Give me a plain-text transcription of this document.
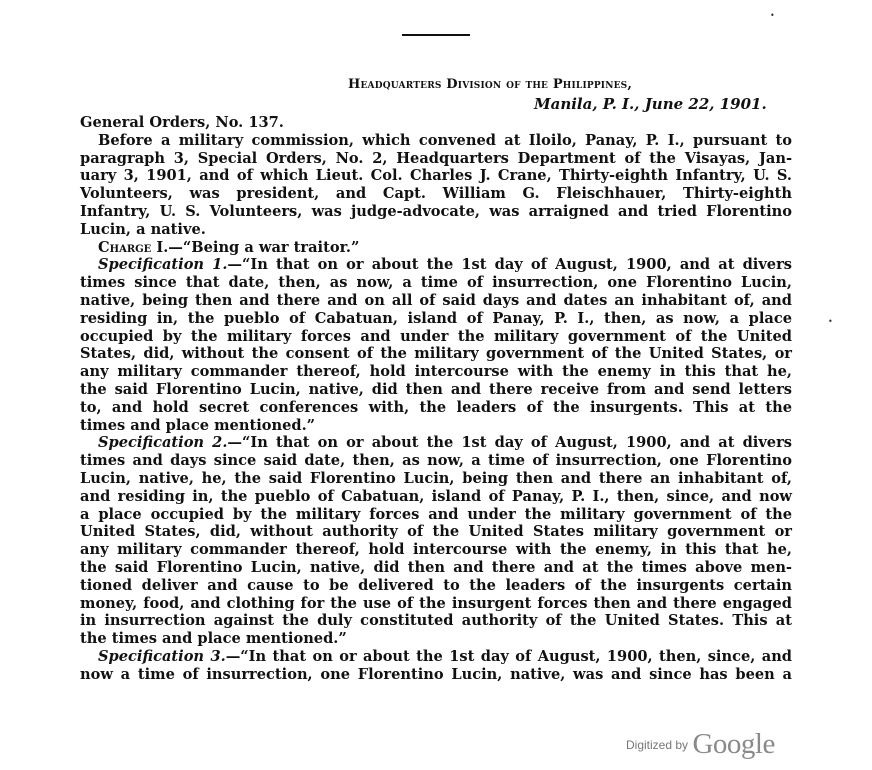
•
•
Headquarters Division of the Philippines,
Manila, P. I., June 22, 1901.
General Orders, No. 137.
Before a military commission, which convened at Iloilo, Panay, P. I., pursuant to
paragraph 3, Special Orders, No. 2, Headquarters Department of the Visayas, Jan-
uary 3, 1901, and of which Lieut. Col. Charles J. Crane, Thirty-eighth Infantry, U. S.
Volunteers, was president, and Capt. William G. Fleischhauer, Thirty-eighth
Infantry, U. S. Volunteers, was judge-advocate, was arraigned and tried Florentino
Lucin, a native.
Charge I.—“Being a war traitor.”
Specification 1.—“In that on or about the 1st day of August, 1900, and at divers
times since that date, then, as now, a time of insurrection, one Florentino Lucin,
native, being then and there and on all of said days and dates an inhabitant of, and
residing in, the pueblo of Cabatuan, island of Panay, P. I., then, as now, a place
occupied by the military forces and under the military government of the United
States, did, without the consent of the military government of the United States, or
any military commander thereof, hold intercourse with the enemy in this that he,
the said Florentino Lucin, native, did then and there receive from and send letters
to, and hold secret conferences with, the leaders of the insurgents. This at the
times and place mentioned.”
Specification 2.—“In that on or about the 1st day of August, 1900, and at divers
times and days since said date, then, as now, a time of insurrection, one Florentino
Lucin, native, he, the said Florentino Lucin, being then and there an inhabitant of,
and residing in, the pueblo of Cabatuan, island of Panay, P. I., then, since, and now
a place occupied by the military forces and under the military government of the
United States, did, without authority of the United States military government or
any military commander thereof, hold intercourse with the enemy, in this that he,
the said Florentino Lucin, native, did then and there and at the times above men-
tioned deliver and cause to be delivered to the leaders of the insurgents certain
money, food, and clothing for the use of the insurgent forces then and there engaged
in insurrection against the duly constituted authority of the United States. This at
the times and place mentioned.”
Specification 3.—“In that on or about the 1st day of August, 1900, then, since, and
now a time of insurrection, one Florentino Lucin, native, was and since has been a
$^{Digitized by}$ Google
